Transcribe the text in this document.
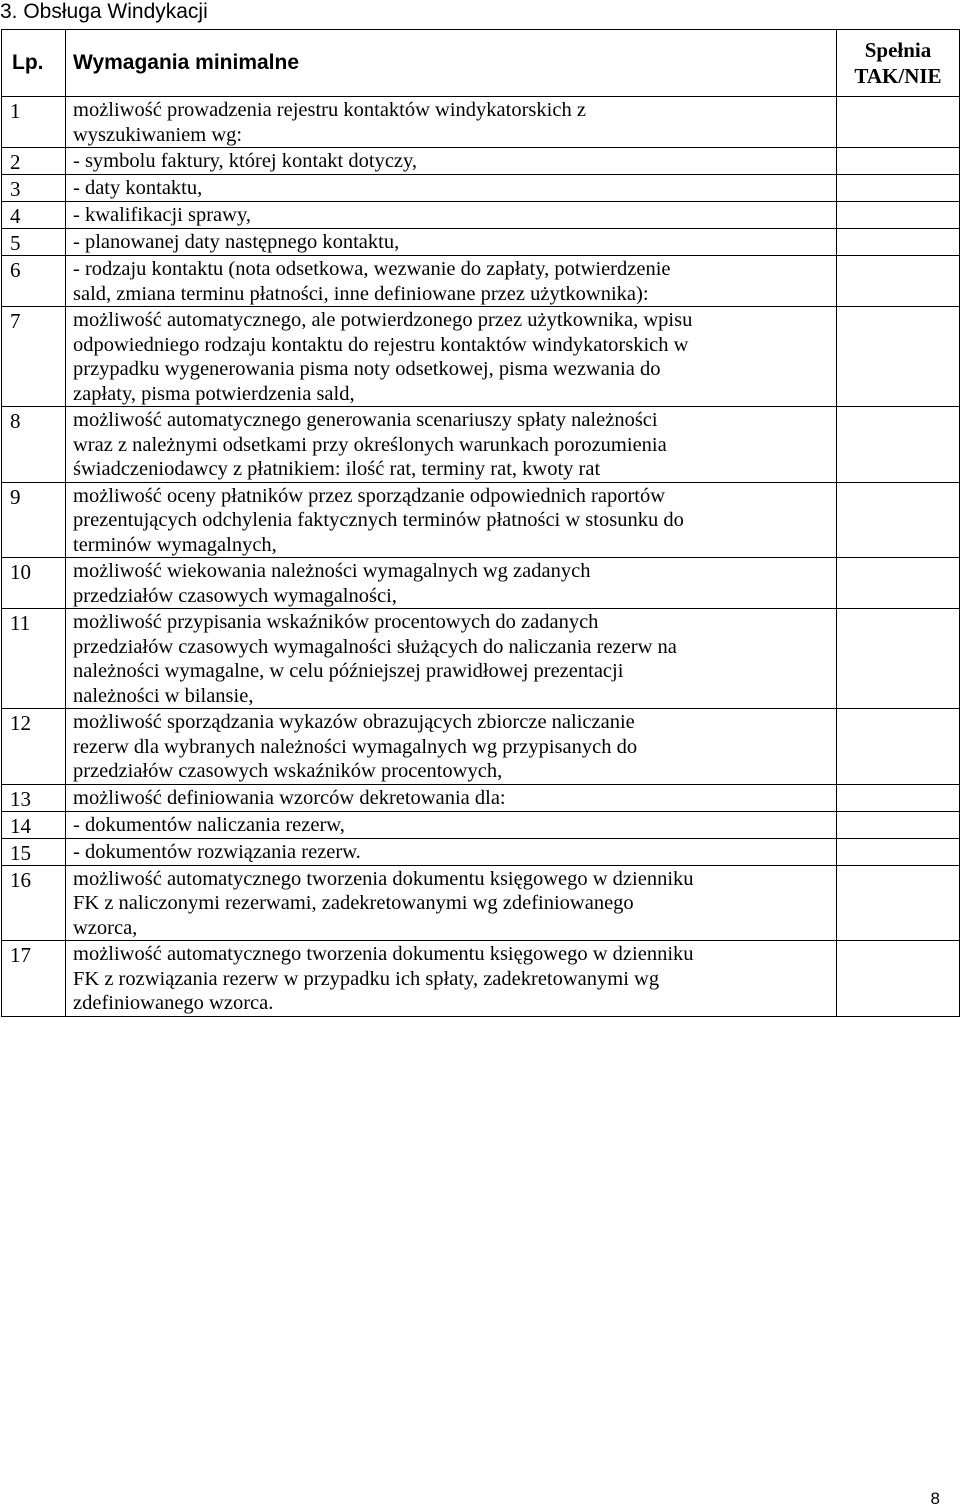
3. Obsługa Windykacji
Lp.	Wymagania minimalne	Spełnia
TAK/NIE

1	możliwość prowadzenia rejestru kontaktów windykatorskich z
wyszukiwaniem wg:	
2	- symbolu faktury, której kontakt dotyczy,	
3	- daty kontaktu,	
4	- kwalifikacji sprawy,	
5	- planowanej daty następnego kontaktu,	
6	- rodzaju kontaktu (nota odsetkowa, wezwanie do zapłaty, potwierdzenie
sald, zmiana terminu płatności, inne definiowane przez użytkownika):	
7	możliwość automatycznego, ale potwierdzonego przez użytkownika, wpisu
odpowiedniego rodzaju kontaktu do rejestru kontaktów windykatorskich w
przypadku wygenerowania pisma noty odsetkowej, pisma wezwania do
zapłaty, pisma potwierdzenia sald,	
8	możliwość automatycznego generowania scenariuszy spłaty należności
wraz z należnymi odsetkami przy określonych warunkach porozumienia
świadczeniodawcy z płatnikiem: ilość rat, terminy rat, kwoty rat	
9	możliwość oceny płatników przez sporządzanie odpowiednich raportów
prezentujących odchylenia faktycznych terminów płatności w stosunku do
terminów wymagalnych,	
10	możliwość wiekowania należności wymagalnych wg zadanych
przedziałów czasowych wymagalności,	
11	możliwość przypisania wskaźników procentowych do zadanych
przedziałów czasowych wymagalności służących do naliczania rezerw na
należności wymagalne, w celu późniejszej prawidłowej prezentacji
należności w bilansie,	
12	możliwość sporządzania wykazów obrazujących zbiorcze naliczanie
rezerw dla wybranych należności wymagalnych wg przypisanych do
przedziałów czasowych wskaźników procentowych,	
13	możliwość definiowania wzorców dekretowania dla:	
14	- dokumentów naliczania rezerw,	
15	- dokumentów rozwiązania rezerw.	
16	możliwość automatycznego tworzenia dokumentu księgowego w dzienniku
FK z naliczonymi rezerwami, zadekretowanymi wg zdefiniowanego
wzorca,	
17	możliwość automatycznego tworzenia dokumentu księgowego w dzienniku
FK z rozwiązania rezerw w przypadku ich spłaty, zadekretowanymi wg
zdefiniowanego wzorca.	
8
